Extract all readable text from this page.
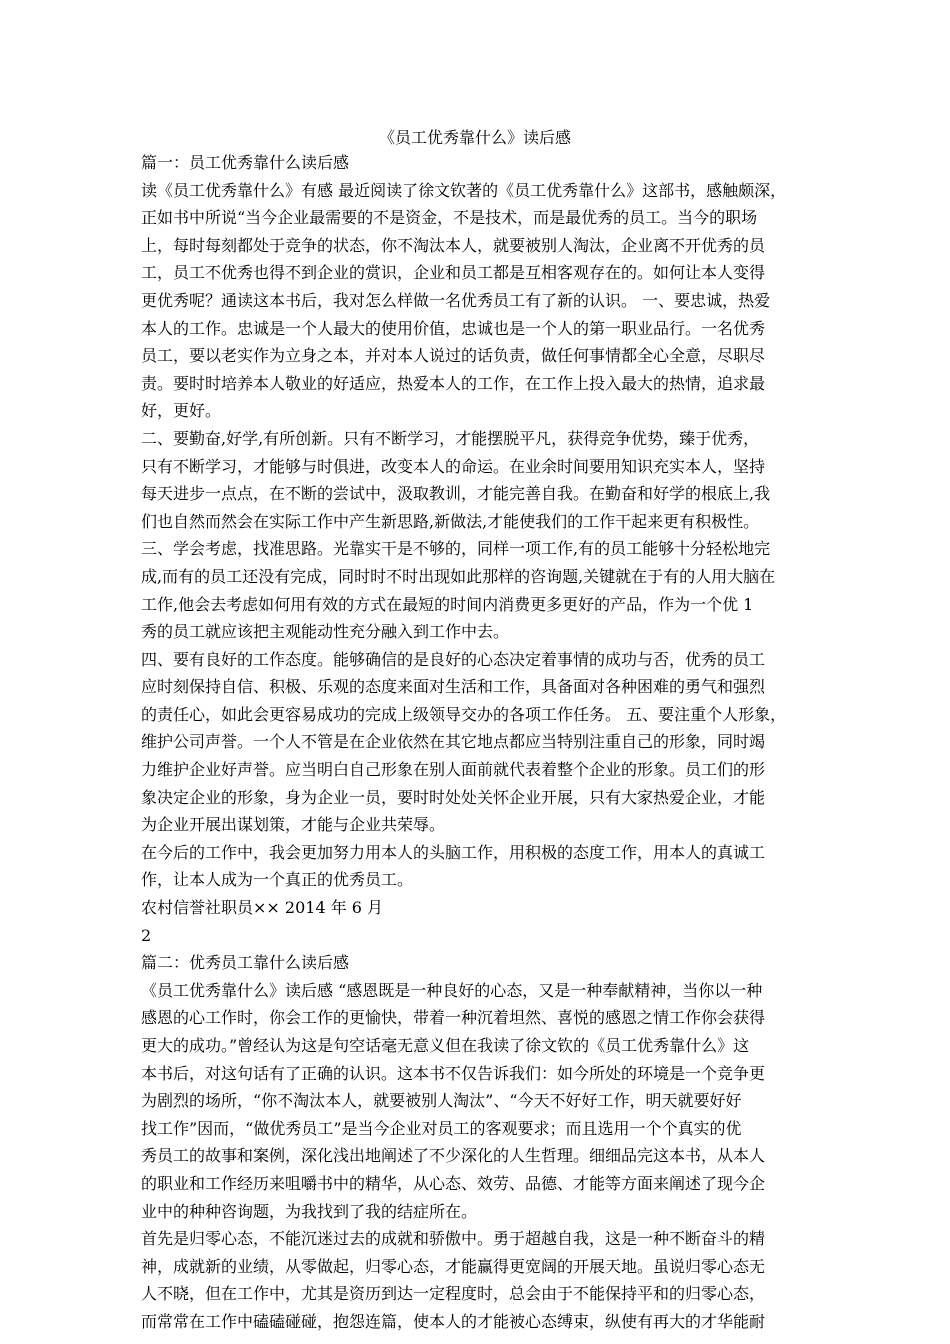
《员工优秀靠什么》读后感
篇一：员工优秀靠什么读后感
读《员工优秀靠什么》有感 最近阅读了徐文钦著的《员工优秀靠什么》这部书，感触颇深，
正如书中所说“当今企业最需要的不是资金，不是技术，而是最优秀的员工。当今的职场
上，每时每刻都处于竞争的状态，你不淘汰本人，就要被别人淘汰，企业离不开优秀的员
工，员工不优秀也得不到企业的赏识，企业和员工都是互相客观存在的。如何让本人变得
更优秀呢？通读这本书后，我对怎么样做一名优秀员工有了新的认识。 一、要忠诚，热爱
本人的工作。忠诚是一个人最大的使用价值，忠诚也是一个人的第一职业品行。一名优秀
员工，要以老实作为立身之本，并对本人说过的话负责，做任何事情都全心全意，尽职尽
责。要时时培养本人敬业的好适应，热爱本人的工作，在工作上投入最大的热情，追求最
好，更好。
二、要勤奋,好学,有所创新。只有不断学习，才能摆脱平凡，获得竞争优势，臻于优秀，
只有不断学习，才能够与时俱进，改变本人的命运。在业余时间要用知识充实本人，坚持
每天进步一点点，在不断的尝试中，汲取教训，才能完善自我。在勤奋和好学的根底上,我
们也自然而然会在实际工作中产生新思路,新做法,才能使我们的工作干起来更有积极性。
三、学会考虑，找准思路。光靠实干是不够的，同样一项工作,有的员工能够十分轻松地完
成,而有的员工还没有完成，同时时不时出现如此那样的咨询题,关键就在于有的人用大脑在
工作,他会去考虑如何用有效的方式在最短的时间内消费更多更好的产品，作为一个优 1
秀的员工就应该把主观能动性充分融入到工作中去。
四、要有良好的工作态度。能够确信的是良好的心态决定着事情的成功与否，优秀的员工
应时刻保持自信、积极、乐观的态度来面对生活和工作，具备面对各种困难的勇气和强烈
的责任心，如此会更容易成功的完成上级领导交办的各项工作任务。 五、要注重个人形象，
维护公司声誉。一个人不管是在企业依然在其它地点都应当特别注重自己的形象，同时竭
力维护企业好声誉。应当明白自己形象在别人面前就代表着整个企业的形象。员工们的形
象决定企业的形象，身为企业一员，要时时处处关怀企业开展，只有大家热爱企业，才能
为企业开展出谋划策，才能与企业共荣辱。
在今后的工作中，我会更加努力用本人的头脑工作，用积极的态度工作，用本人的真诚工
作，让本人成为一个真正的优秀员工。
农村信誉社职员×× 2014 年 6 月
2
篇二：优秀员工靠什么读后感
《员工优秀靠什么》读后感 “感恩既是一种良好的心态，又是一种奉献精神，当你以一种
感恩的心工作时，你会工作的更愉快，带着一种沉着坦然、喜悦的感恩之情工作你会获得
更大的成功。”曾经认为这是句空话毫无意义但在我读了徐文钦的《员工优秀靠什么》这
本书后，对这句话有了正确的认识。这本书不仅告诉我们：如今所处的环境是一个竞争更
为剧烈的场所，“你不淘汰本人，就要被别人淘汰”、“今天不好好工作，明天就要好好
找工作”因而，“做优秀员工”是当今企业对员工的客观要求；而且选用一个个真实的优
秀员工的故事和案例，深化浅出地阐述了不少深化的人生哲理。细细品完这本书，从本人
的职业和工作经历来咀嚼书中的精华，从心态、效劳、品德、才能等方面来阐述了现今企
业中的种种咨询题，为我找到了我的结症所在。
首先是归零心态，不能沉迷过去的成就和骄傲中。勇于超越自我，这是一种不断奋斗的精
神，成就新的业绩，从零做起，归零心态，才能赢得更宽阔的开展天地。虽说归零心态无
人不晓，但在工作中，尤其是资历到达一定程度时，总会由于不能保持平和的归零心态，
而常常在工作中磕磕碰碰，抱怨连篇，使本人的才能被心态缚束，纵使有再大的才华能耐
